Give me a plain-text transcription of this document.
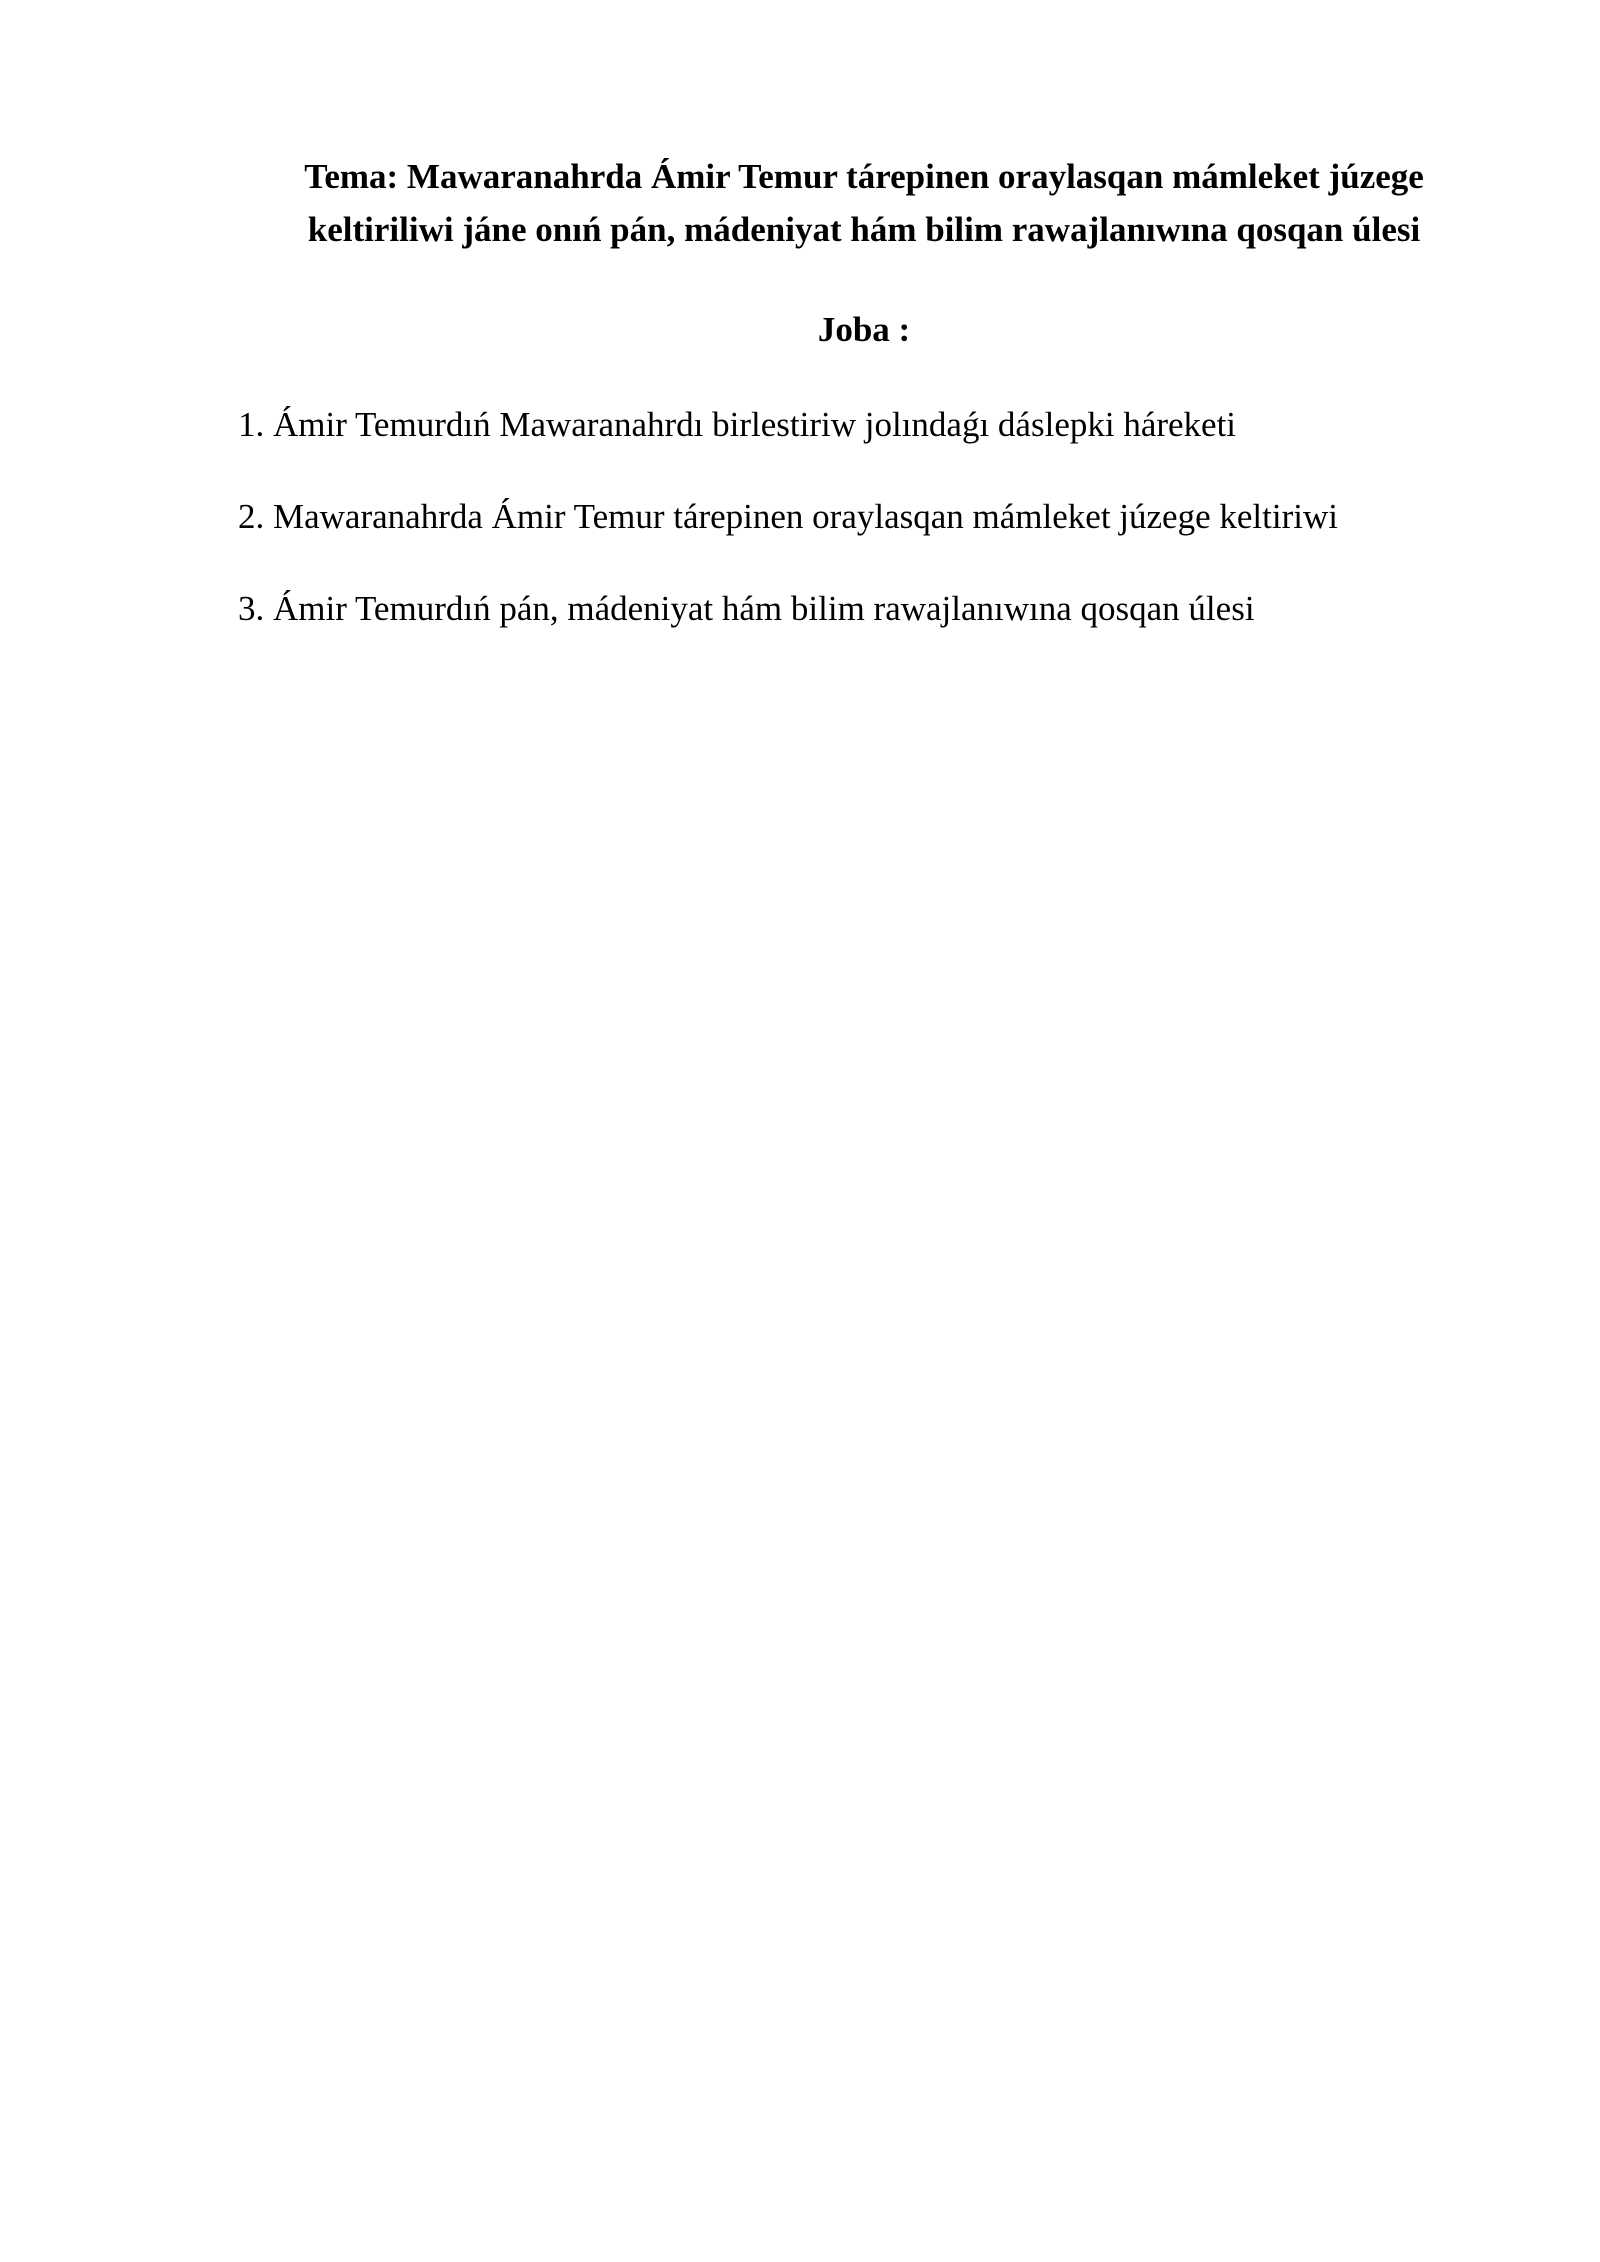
Tema: Mawaranahrda Ámir Temur tárepinen oraylasqan mámleket júzege
keltiriliwi jáne onıń pán, mádeniyat hám bilim rawajlanıwına qosqan úlesi
Joba :
1. Ámir Temurdıń Mawaranahrdı birlestiriw jolındaǵı dáslepki háreketi
2. Mawaranahrda Ámir Temur tárepinen oraylasqan mámleket júzege keltiriwi
3. Ámir Temurdıń pán, mádeniyat hám bilim rawajlanıwına qosqan úlesi
